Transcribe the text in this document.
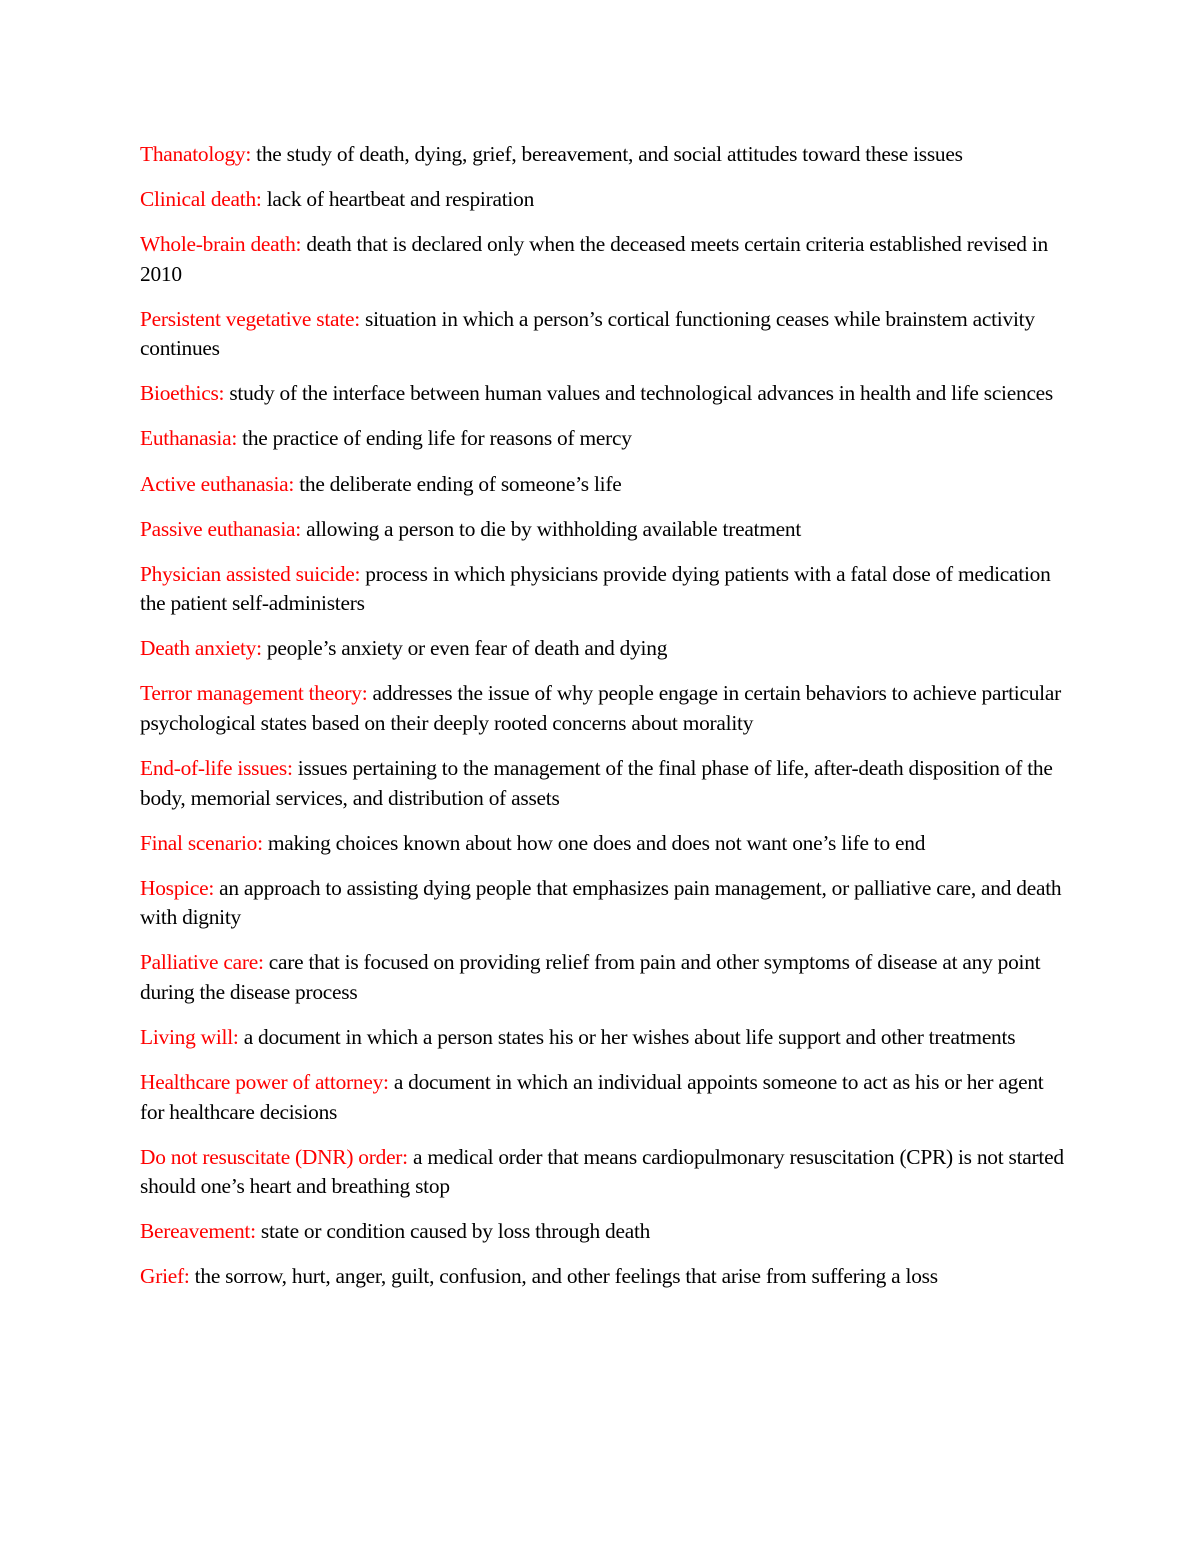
Thanatology: the study of death, dying, grief, bereavement, and social attitudes toward these issues

Clinical death: lack of heartbeat and respiration

Whole-brain death: death that is declared only when the deceased meets certain criteria established revised in 2010

Persistent vegetative state: situation in which a person’s cortical functioning ceases while brainstem activity continues

Bioethics: study of the interface between human values and technological advances in health and life sciences

Euthanasia: the practice of ending life for reasons of mercy

Active euthanasia: the deliberate ending of someone’s life

Passive euthanasia: allowing a person to die by withholding available treatment

Physician assisted suicide: process in which physicians provide dying patients with a fatal dose of medication the patient self-administers

Death anxiety: people’s anxiety or even fear of death and dying

Terror management theory: addresses the issue of why people engage in certain behaviors to achieve particular psychological states based on their deeply rooted concerns about morality

End-of-life issues: issues pertaining to the management of the final phase of life, after-death disposition of the body, memorial services, and distribution of assets

Final scenario: making choices known about how one does and does not want one’s life to end

Hospice: an approach to assisting dying people that emphasizes pain management, or palliative care, and death with dignity

Palliative care: care that is focused on providing relief from pain and other symptoms of disease at any point during the disease process

Living will: a document in which a person states his or her wishes about life support and other treatments

Healthcare power of attorney: a document in which an individual appoints someone to act as his or her agent for healthcare decisions

Do not resuscitate (DNR) order: a medical order that means cardiopulmonary resuscitation (CPR) is not started should one’s heart and breathing stop

Bereavement: state or condition caused by loss through death

Grief: the sorrow, hurt, anger, guilt, confusion, and other feelings that arise from suffering a loss
